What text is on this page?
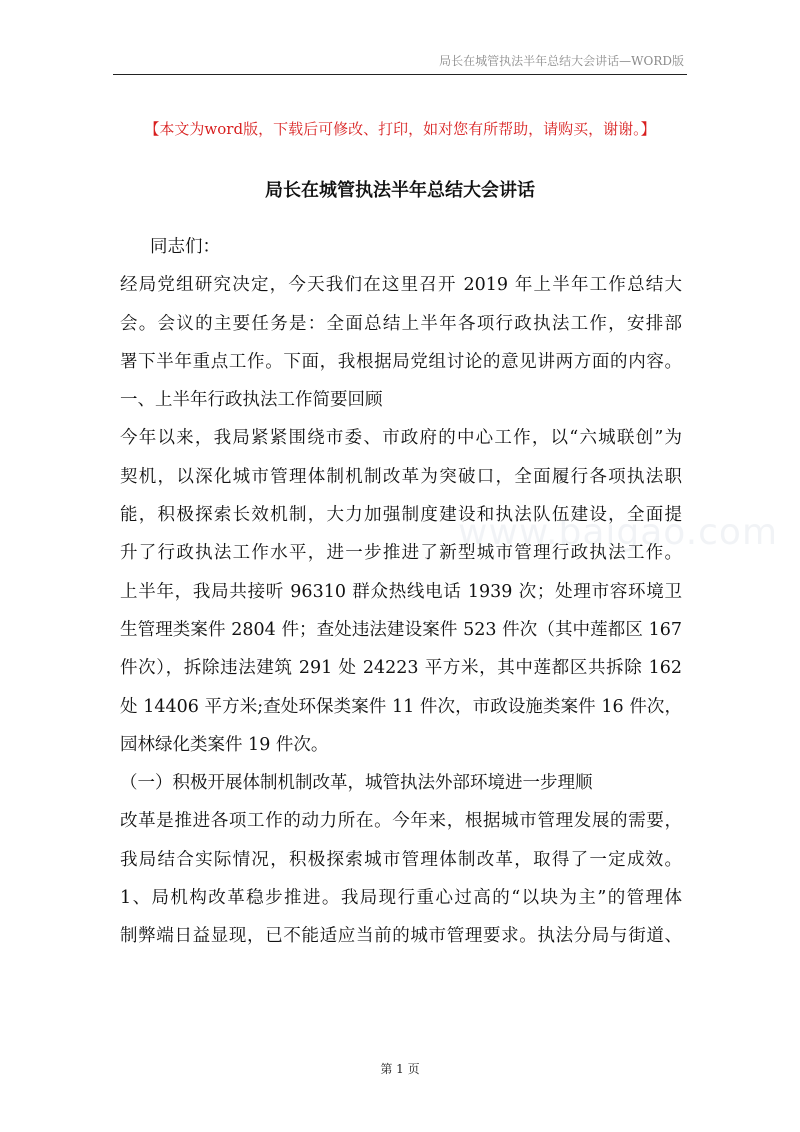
局长在城管执法半年总结大会讲话—WORD版
【本文为word版，下载后可修改、打印，如对您有所帮助，请购买，谢谢。】
局长在城管执法半年总结大会讲话
同志们：
经局党组研究决定，今天我们在这里召开 2019 年上半年工作总结大
会。会议的主要任务是：全面总结上半年各项行政执法工作，安排部
署下半年重点工作。下面，我根据局党组讨论的意见讲两方面的内容。
一、上半年行政执法工作简要回顾
今年以来，我局紧紧围绕市委、市政府的中心工作，以“六城联创”为
契机，以深化城市管理体制机制改革为突破口，全面履行各项执法职
能，积极探索长效机制，大力加强制度建设和执法队伍建设，全面提
升了行政执法工作水平，进一步推进了新型城市管理行政执法工作。
上半年，我局共接听 96310 群众热线电话 1939 次；处理市容环境卫
生管理类案件 2804 件；查处违法建设案件 523 件次（其中莲都区 167
件次），拆除违法建筑 291 处 24223 平方米，其中莲都区共拆除 162
处 14406 平方米;查处环保类案件 11 件次，市政设施类案件 16 件次，
园林绿化类案件 19 件次。
（一）积极开展体制机制改革，城管执法外部环境进一步理顺
改革是推进各项工作的动力所在。今年来，根据城市管理发展的需要，
我局结合实际情况，积极探索城市管理体制改革，取得了一定成效。
1、局机构改革稳步推进。我局现行重心过高的“以块为主”的管理体
制弊端日益显现，已不能适应当前的城市管理要求。执法分局与街道、
www.baigao.com
第 1 页
